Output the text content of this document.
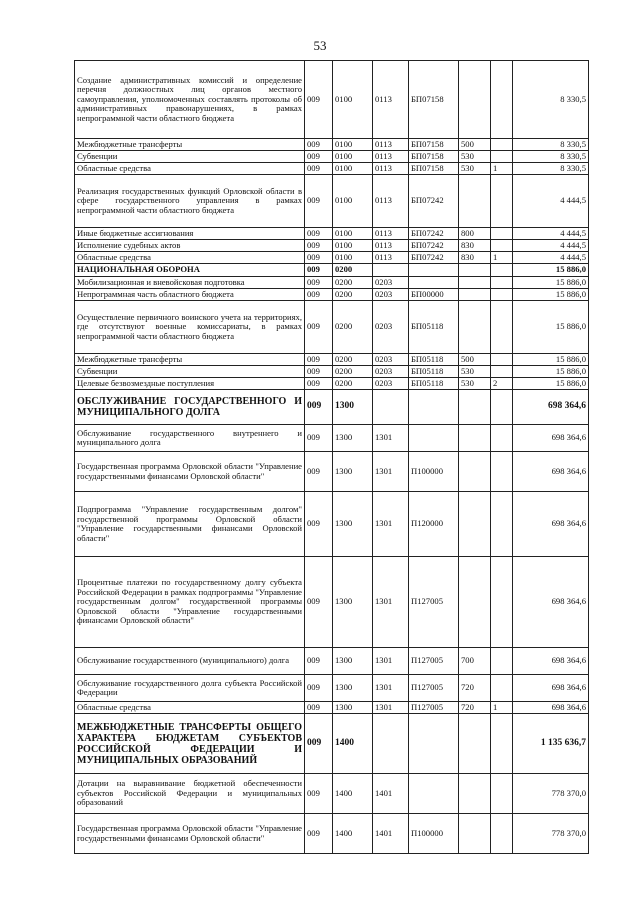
53
Создание административных комиссий и определение перечня должностных лиц органов местного самоуправления, уполномоченных составлять протоколы об административных правонарушениях, в рамках непрограммной части областного бюджета	009	0100	0113	БП07158			8 330,5
Межбюджетные трансферты	009	0100	0113	БП07158	500		8 330,5
Субвенции	009	0100	0113	БП07158	530		8 330,5
Областные средства	009	0100	0113	БП07158	530	1	8 330,5
Реализация государственных функций Орловской области в сфере государственного управления в рамках непрограммной части областного бюджета	009	0100	0113	БП07242			4 444,5
Иные бюджетные ассигнования	009	0100	0113	БП07242	800		4 444,5
Исполнение судебных актов	009	0100	0113	БП07242	830		4 444,5
Областные средства	009	0100	0113	БП07242	830	1	4 444,5
НАЦИОНАЛЬНАЯ ОБОРОНА	009	0200					15 886,0
Мобилизационная и вневойсковая подготовка	009	0200	0203				15 886,0
Непрограммная часть областного бюджета	009	0200	0203	БП00000			15 886,0
Осуществление первичного воинского учета на территориях, где отсутствуют военные комиссариаты, в рамках непрограммной части областного бюджета	009	0200	0203	БП05118			15 886,0
Межбюджетные трансферты	009	0200	0203	БП05118	500		15 886,0
Субвенции	009	0200	0203	БП05118	530		15 886,0
Целевые безвозмездные поступления	009	0200	0203	БП05118	530	2	15 886,0
ОБСЛУЖИВАНИЕ ГОСУДАРСТВЕННОГО И МУНИЦИПАЛЬНОГО ДОЛГА	009	1300					698 364,6
Обслуживание государственного внутреннего и муниципального долга	009	1300	1301				698 364,6
Государственная программа Орловской области "Управление государственными финансами Орловской области"	009	1300	1301	П100000			698 364,6
Подпрограмма "Управление государственным долгом" государственной программы Орловской области "Управление государственными финансами Орловской области"	009	1300	1301	П120000			698 364,6
Процентные платежи по государственному долгу субъекта Российской Федерации в рамках подпрограммы "Управление государственным долгом" государственной программы Орловской области "Управление государственными финансами Орловской области"	009	1300	1301	П127005			698 364,6
Обслуживание государственного (муниципального) долга	009	1300	1301	П127005	700		698 364,6
Обслуживание государственного долга субъекта Российской Федерации	009	1300	1301	П127005	720		698 364,6
Областные средства	009	1300	1301	П127005	720	1	698 364,6
МЕЖБЮДЖЕТНЫЕ ТРАНСФЕРТЫ ОБЩЕГО ХАРАКТЕРА БЮДЖЕТАМ СУБЪЕКТОВ РОССИЙСКОЙ ФЕДЕРАЦИИ И МУНИЦИПАЛЬНЫХ ОБРАЗОВАНИЙ	009	1400					1 135 636,7
Дотации на выравнивание бюджетной обеспеченности субъектов Российской Федерации и муниципальных образований	009	1400	1401				778 370,0
Государственная программа Орловской области "Управление государственными финансами Орловской области"	009	1400	1401	П100000			778 370,0
